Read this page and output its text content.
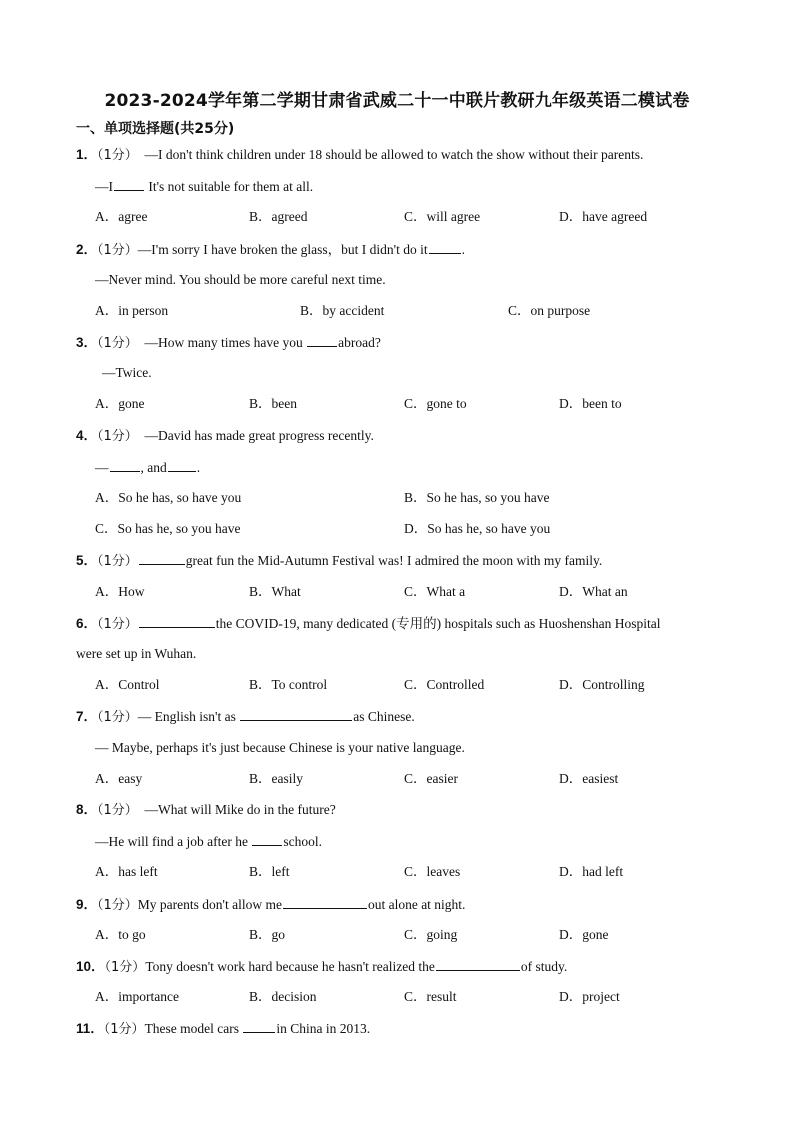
2023-2024学年第二学期甘肃省武威二十一中联片教研九年级英语二模试卷
一、单项选择题(共25分)
1．（1分） —I don't think children under 18 should be allowed to watch the show without their parents.
—I	It's not suitable for them at all.
A．agree	B．agreed	C．will agree	D．have agreed
2．（1分）—I'm sorry I have broken the glass，but I didn't do it	.
—Never mind. You should be more careful next time.
A．in person	B．by accident	C．on purpose
3．（1分） —How many times have you	abroad?
—Twice.
A．gone	B．been	C．gone to	D．been to
4．（1分） —David has made great progress recently.
— , and .
A．So he has, so have you	B．So he has, so you have
C．So has he, so you have	D．So has he, so have you
5．（1分）	great fun the Mid-Autumn Festival was! I admired the moon with my family.
A．How	B．What	C．What a	D．What an
6．（1分）	the COVID-19, many dedicated (专用的) hospitals such as Huoshenshan Hospital
were set up in Wuhan.
A．Control	B．To control	C．Controlled	D．Controlling
7．（1分）— English isn't as	as Chinese.
— Maybe, perhaps it's just because Chinese is your native language.
A．easy	B．easily	C．easier	D．easiest
8．（1分） —What will Mike do in the future?
—He will find a job after he	school.
A．has left	B．left	C．leaves	D．had left
9．（1分）My parents don't allow me	out alone at night.
A．to go	B．go	C．going	D．gone
10．（1分）Tony doesn't work hard because he hasn't realized the	of study.
A．importance	B．decision	C．result	D．project
11．（1分）These model cars	in China in 2013.
